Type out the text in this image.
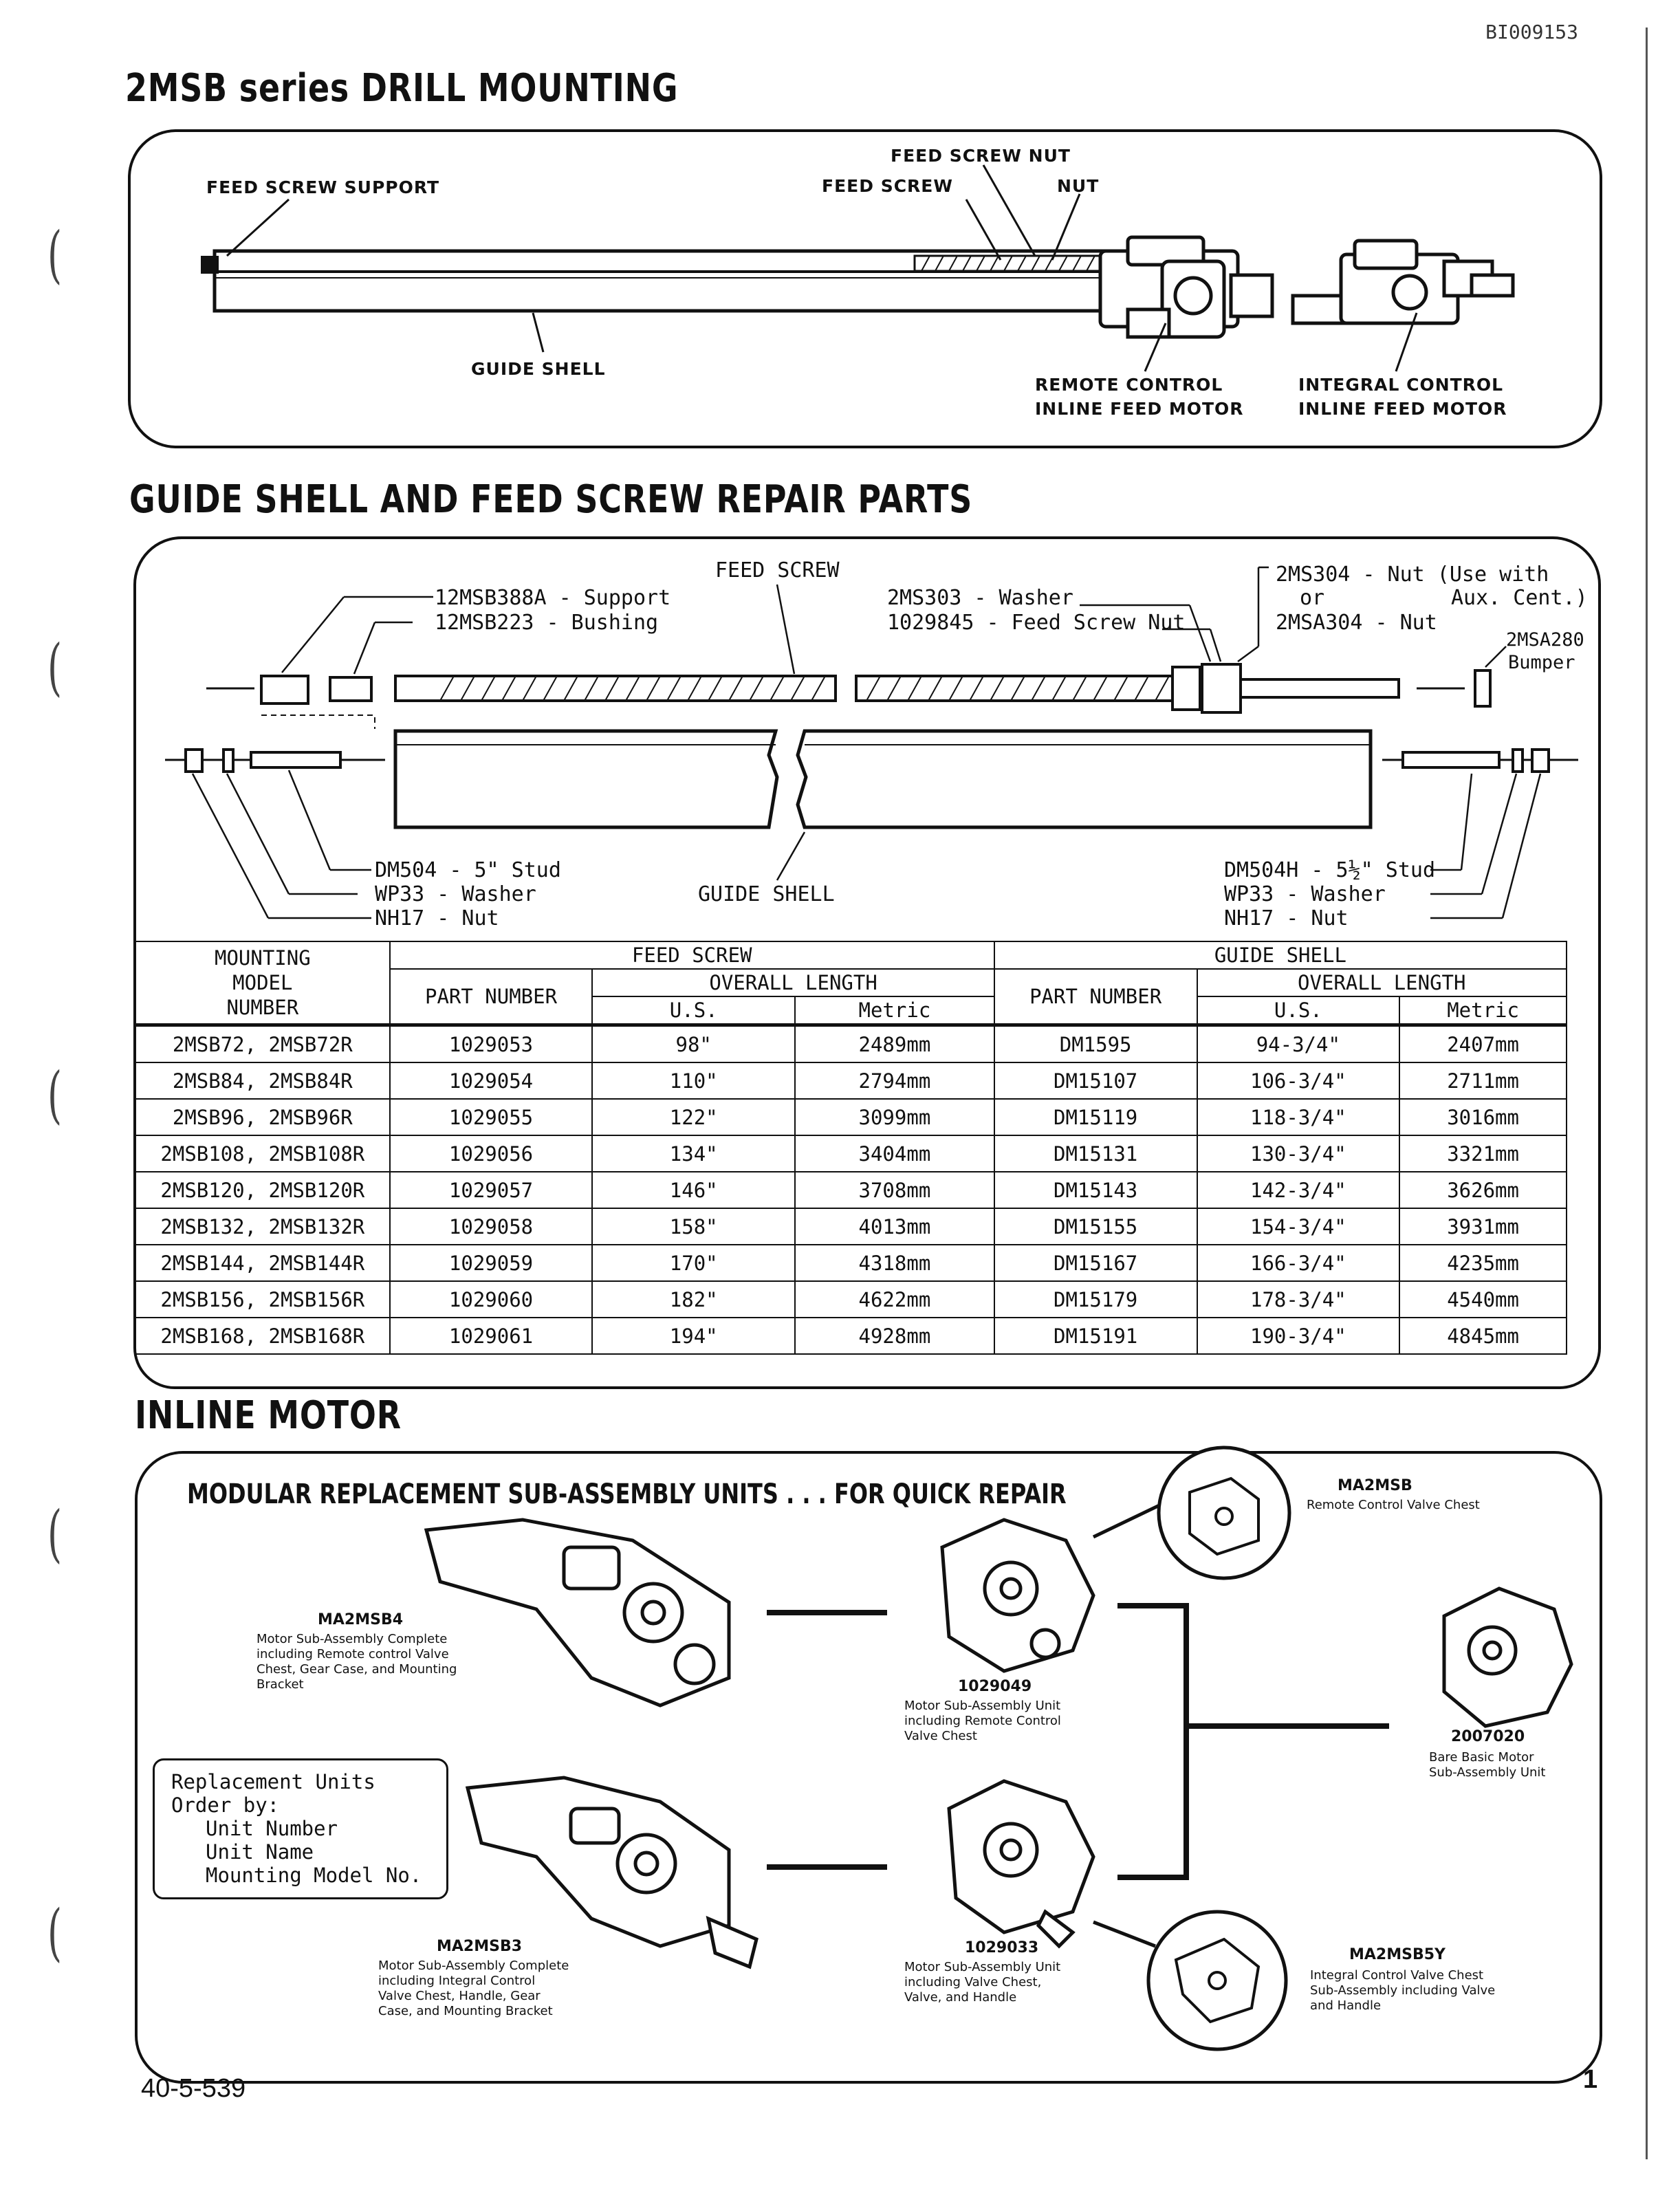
BI009153
2MSB series DRILL MOUNTING
(
(
(
(
(
FEED SCREW SUPPORT
FEED SCREW NUT
FEED SCREW	NUT
GUIDE SHELL
REMOTE CONTROL
INLINE FEED MOTOR
INTEGRAL CONTROL
INLINE FEED MOTOR
GUIDE SHELL AND FEED SCREW REPAIR PARTS
FEED SCREW
12MSB388A - Support
12MSB223 - Bushing
2MS303 - Washer
1029845 - Feed Screw Nut
2MS304 - Nut (Use with
or	Aux. Cent.)
2MSA304 - Nut
2MSA280
Bumper
DM504 - 5" Stud
WP33 - Washer
NH17 - Nut
GUIDE SHELL
DM504H - 5½" Stud
WP33 - Washer
NH17 - Nut
MOUNTING
MODEL
NUMBER	FEED SCREW			GUIDE SHELL		
	PART NUMBER	OVERALL LENGTH		PART NUMBER	OVERALL LENGTH	
		U.S.	Metric		U.S.	Metric
2MSB72, 2MSB72R	1029053	98"	2489mm	DM1595	94-3/4"	2407mm
2MSB84, 2MSB84R	1029054	110"	2794mm	DM15107	106-3/4"	2711mm
2MSB96, 2MSB96R	1029055	122"	3099mm	DM15119	118-3/4"	3016mm
2MSB108, 2MSB108R	1029056	134"	3404mm	DM15131	130-3/4"	3321mm
2MSB120, 2MSB120R	1029057	146"	3708mm	DM15143	142-3/4"	3626mm
2MSB132, 2MSB132R	1029058	158"	4013mm	DM15155	154-3/4"	3931mm
2MSB144, 2MSB144R	1029059	170"	4318mm	DM15167	166-3/4"	4235mm
2MSB156, 2MSB156R	1029060	182"	4622mm	DM15179	178-3/4"	4540mm
2MSB168, 2MSB168R	1029061	194"	4928mm	DM15191	190-3/4"	4845mm
INLINE MOTOR
MODULAR REPLACEMENT SUB-ASSEMBLY UNITS . . . FOR QUICK REPAIR
MA2MSB4
Motor Sub-Assembly Complete
including Remote control Valve
Chest, Gear Case, and Mounting
Bracket	1029049
Motor Sub-Assembly Unit
including Remote Control
Valve Chest
MA2MSB
Remote Control Valve Chest
2007020
Bare Basic Motor
Sub-Assembly Unit
MA2MSB3
Motor Sub-Assembly Complete
including Integral Control
Valve Chest, Handle, Gear
Case, and Mounting Bracket
1029033
Motor Sub-Assembly Unit
including Valve Chest,
Valve, and Handle
MA2MSB5Y
Integral Control Valve Chest
Sub-Assembly including Valve
and Handle
Replacement Units
Order by:
Unit Number
Unit Name
Mounting Model No.
40-5-539	1
